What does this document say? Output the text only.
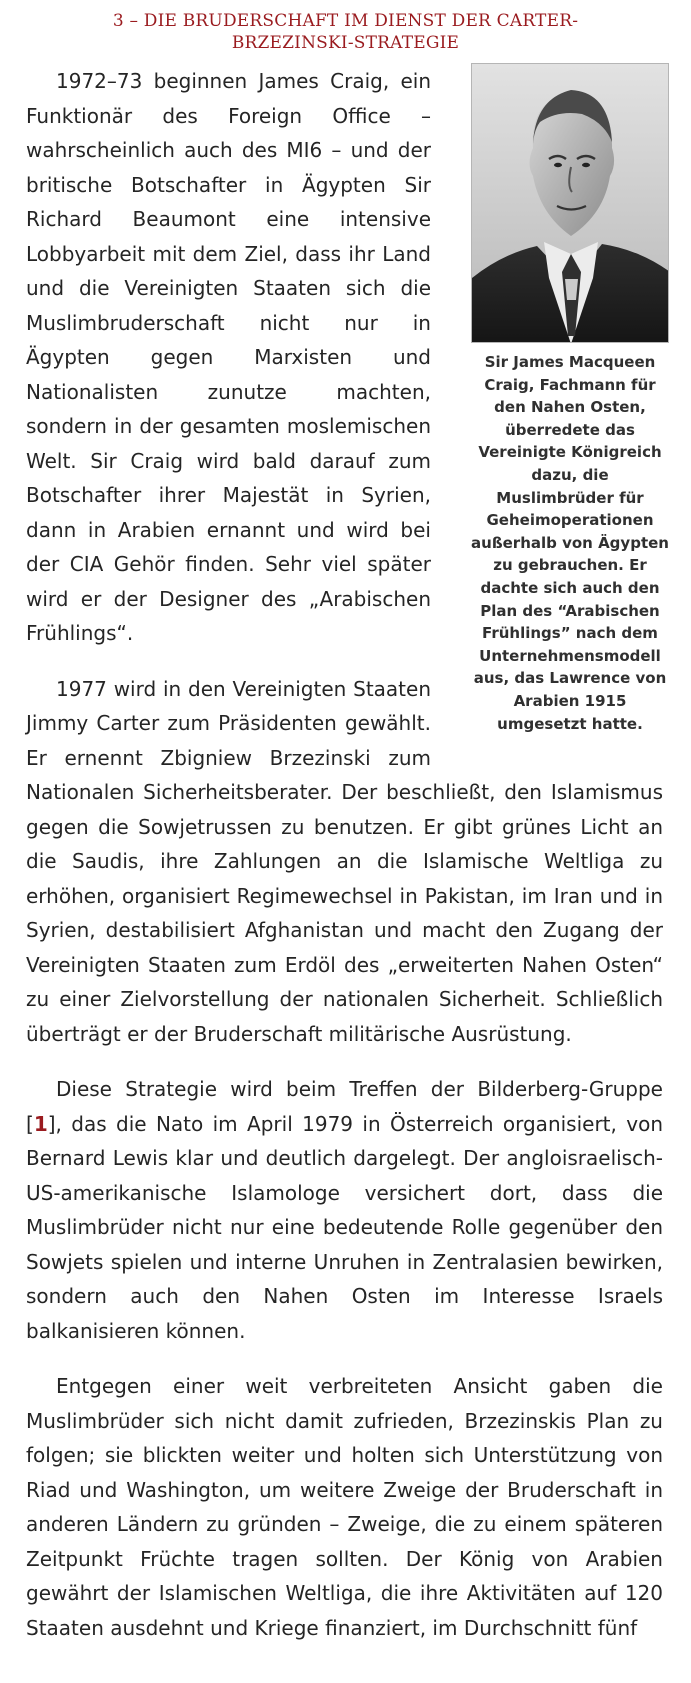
3 – DIE BRUDERSCHAFT IM DIENST DER CARTER-
BRZEZINSKI-STRATEGIE
Sir James Macqueen Craig, Fachmann für den Nahen Osten, überredete das Vereinigte Königreich dazu, die Muslimbrüder für Geheimoperationen außerhalb von Ägypten zu gebrauchen. Er dachte sich auch den Plan des “Arabischen Frühlings” nach dem Unternehmensmodell aus, das Lawrence von Arabien 1915 umgesetzt hatte.

1972–73 beginnen James Craig, ein Funktionär des Foreign Office – wahrscheinlich auch des MI6 – und der britische Botschafter in Ägypten Sir Richard Beaumont eine intensive Lobbyarbeit mit dem Ziel, dass ihr Land und die Vereinigten Staaten sich die Muslimbruderschaft nicht nur in Ägypten gegen Marxisten und Nationalisten zunutze machten, sondern in der gesamten moslemischen Welt. Sir Craig wird bald darauf zum Botschafter ihrer Majestät in Syrien, dann in Arabien ernannt und wird bei der CIA Gehör finden. Sehr viel später wird er der Designer des „Arabischen Frühlings“.

1977 wird in den Vereinigten Staaten Jimmy Carter zum Präsidenten gewählt. Er ernennt Zbigniew Brzezinski zum Nationalen Sicherheitsberater. Der beschließt, den Islamismus gegen die Sowjetrussen zu benutzen. Er gibt grünes Licht an die Saudis, ihre Zahlungen an die Islamische Weltliga zu erhöhen, organisiert Regimewechsel in Pakistan, im Iran und in Syrien, destabilisiert Afghanistan und macht den Zugang der Vereinigten Staaten zum Erdöl des „erweiterten Nahen Osten“ zu einer Zielvorstellung der nationalen Sicherheit. Schließlich überträgt er der Bruderschaft militärische Ausrüstung.

Diese Strategie wird beim Treffen der Bilderberg-Gruppe [1], das die Nato im April 1979 in Österreich organisiert, von Bernard Lewis klar und deutlich dargelegt. Der angloisraelisch-US-amerikanische Islamologe versichert dort, dass die Muslimbrüder nicht nur eine bedeutende Rolle gegenüber den Sowjets spielen und interne Unruhen in Zentralasien bewirken, sondern auch den Nahen Osten im Interesse Israels balkanisieren können.

Entgegen einer weit verbreiteten Ansicht gaben die Muslimbrüder sich nicht damit zufrieden, Brzezinskis Plan zu folgen; sie blickten weiter und holten sich Unterstützung von Riad und Washington, um weitere Zweige der Bruderschaft in anderen Ländern zu gründen – Zweige, die zu einem späteren Zeitpunkt Früchte tragen sollten. Der König von Arabien gewährt der Islamischen Weltliga, die ihre Aktivitäten auf 120 Staaten ausdehnt und Kriege finanziert, im Durchschnitt fünf
